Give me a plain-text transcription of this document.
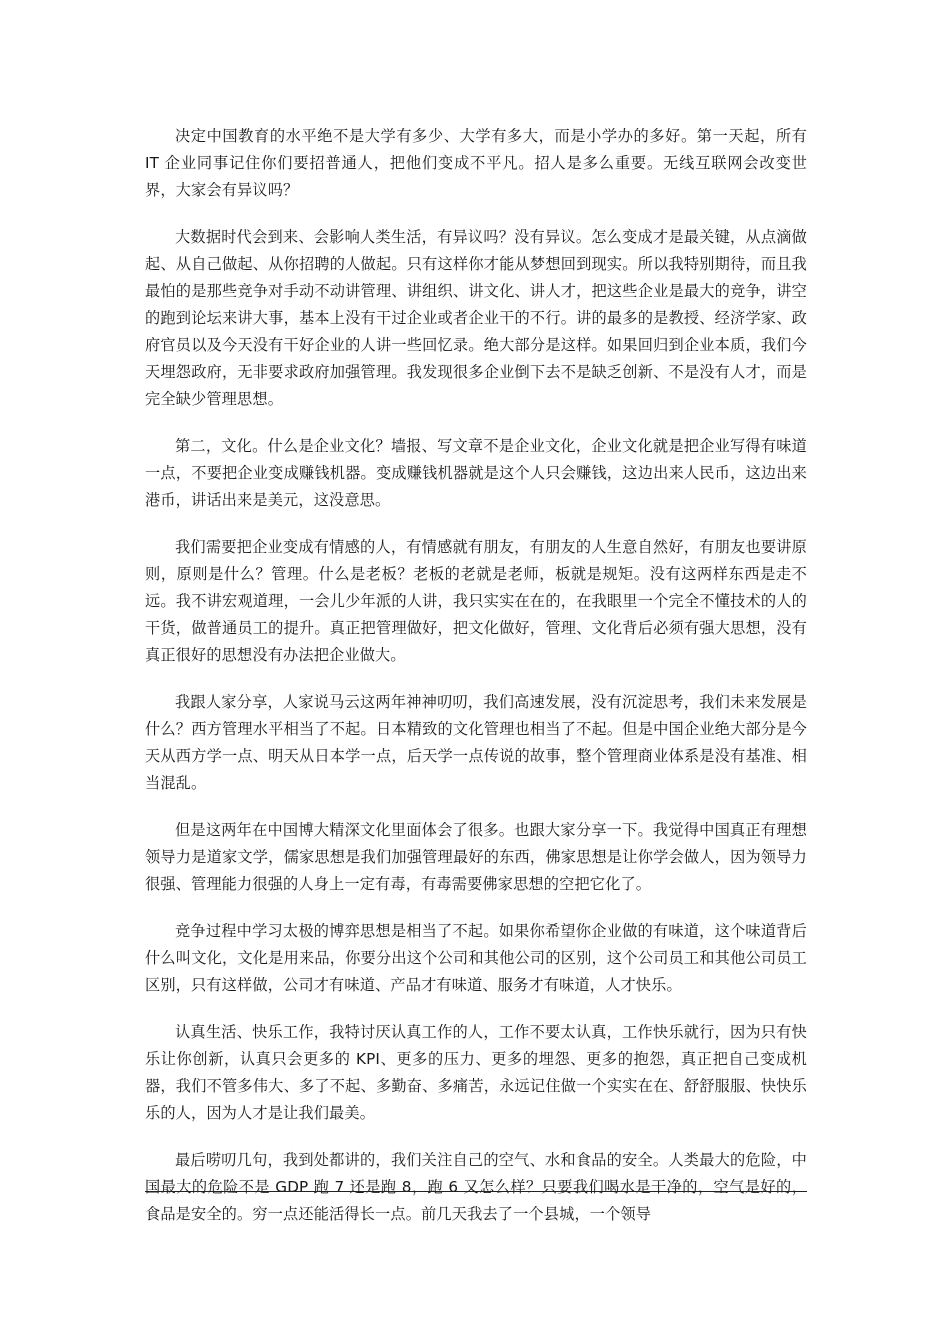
决定中国教育的水平绝不是大学有多少、大学有多大，而是小学办的多好。第一天起，所有 IT 企业同事记住你们要招普通人，把他们变成不平凡。招人是多么重要。无线互联网会改变世界，大家会有异议吗？

大数据时代会到来、会影响人类生活，有异议吗？没有异议。怎么变成才是最关键，从点滴做起、从自己做起、从你招聘的人做起。只有这样你才能从梦想回到现实。所以我特别期待，而且我最怕的是那些竞争对手动不动讲管理、讲组织、讲文化、讲人才，把这些企业是最大的竞争，讲空的跑到论坛来讲大事，基本上没有干过企业或者企业干的不行。讲的最多的是教授、经济学家、政府官员以及今天没有干好企业的人讲一些回忆录。绝大部分是这样。如果回归到企业本质，我们今天埋怨政府，无非要求政府加强管理。我发现很多企业倒下去不是缺乏创新、不是没有人才，而是完全缺少管理思想。

第二，文化。什么是企业文化？墙报、写文章不是企业文化，企业文化就是把企业写得有味道一点，不要把企业变成赚钱机器。变成赚钱机器就是这个人只会赚钱，这边出来人民币，这边出来港币，讲话出来是美元，这没意思。

我们需要把企业变成有情感的人，有情感就有朋友，有朋友的人生意自然好，有朋友也要讲原则，原则是什么？管理。什么是老板？老板的老就是老师，板就是规矩。没有这两样东西是走不远。我不讲宏观道理，一会儿少年派的人讲，我只实实在在的，在我眼里一个完全不懂技术的人的干货，做普通员工的提升。真正把管理做好，把文化做好，管理、文化背后必须有强大思想，没有真正很好的思想没有办法把企业做大。

我跟人家分享，人家说马云这两年神神叨叨，我们高速发展，没有沉淀思考，我们未来发展是什么？西方管理水平相当了不起。日本精致的文化管理也相当了不起。但是中国企业绝大部分是今天从西方学一点、明天从日本学一点，后天学一点传说的故事，整个管理商业体系是没有基准、相当混乱。

但是这两年在中国博大精深文化里面体会了很多。也跟大家分享一下。我觉得中国真正有理想领导力是道家文学，儒家思想是我们加强管理最好的东西，佛家思想是让你学会做人，因为领导力很强、管理能力很强的人身上一定有毒，有毒需要佛家思想的空把它化了。

竞争过程中学习太极的博弈思想是相当了不起。如果你希望你企业做的有味道，这个味道背后什么叫文化，文化是用来品，你要分出这个公司和其他公司的区别，这个公司员工和其他公司员工区别，只有这样做，公司才有味道、产品才有味道、服务才有味道，人才快乐。

认真生活、快乐工作，我特讨厌认真工作的人，工作不要太认真，工作快乐就行，因为只有快乐让你创新，认真只会更多的 KPI、更多的压力、更多的埋怨、更多的抱怨，真正把自己变成机器，我们不管多伟大、多了不起、多勤奋、多痛苦，永远记住做一个实实在在、舒舒服服、快快乐乐的人，因为人才是让我们最美。

最后唠叨几句，我到处都讲的，我们关注自己的空气、水和食品的安全。人类最大的危险，中国最大的危险不是 GDP 跑 7 还是跑 8，跑 6 又怎么样？只要我们喝水是干净的，空气是好的，食品是安全的。穷一点还能活得长一点。前几天我去了一个县城，一个领导
